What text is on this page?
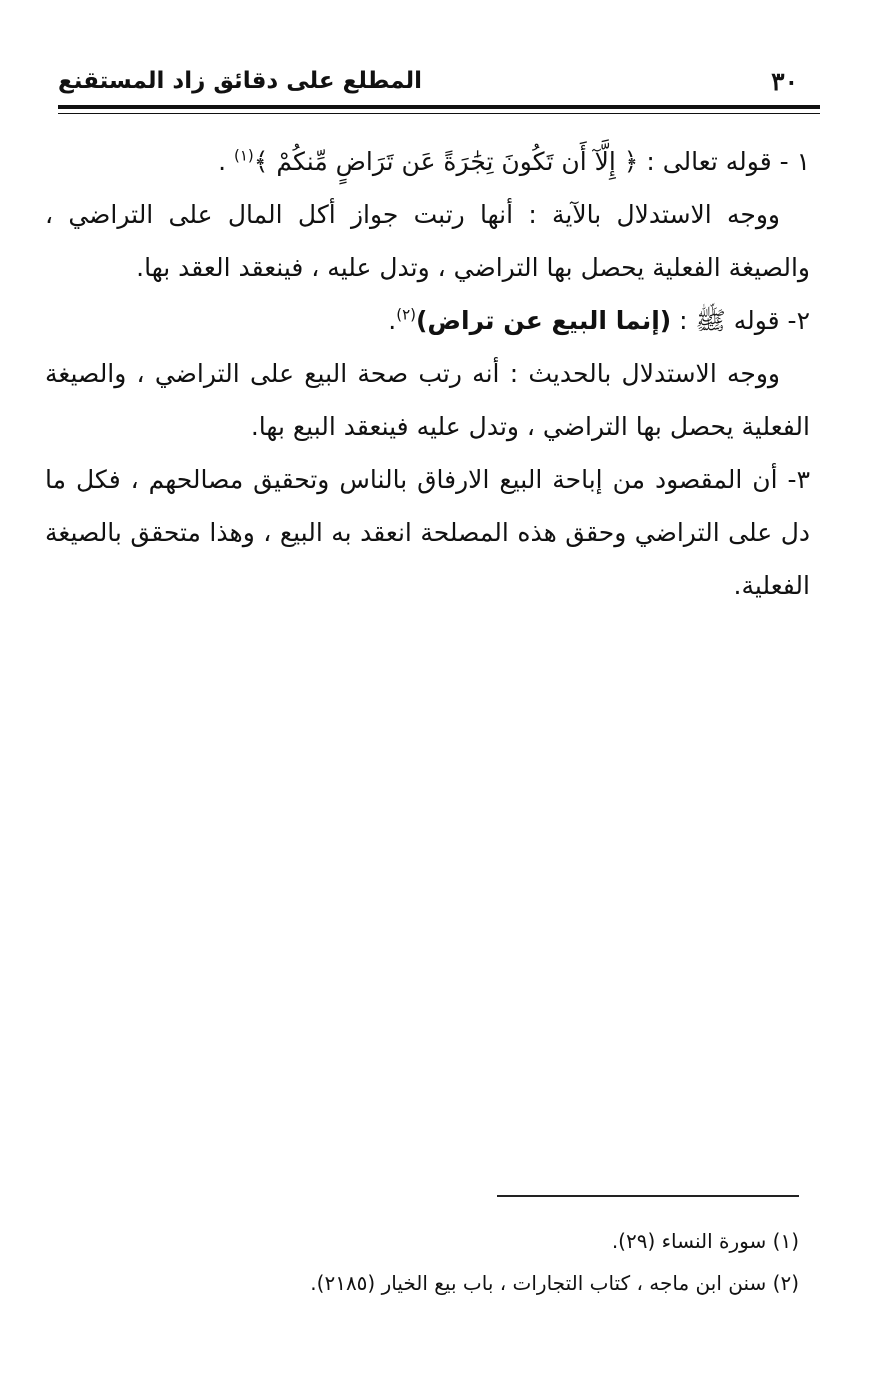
٣٠
المطلع على دقائق زاد المستقنع

١ - قوله تعالى : ﴿ إِلَّآ أَن تَكُونَ تِجَٰرَةً عَن تَرَاضٍ مِّنكُمْ ﴾$^{(١)}$ .

ووجه الاستدلال بالآية : أنها رتبت جواز أكل المال على التراضي ، والصيغة الفعلية يحصل بها التراضي ، وتدل عليه ، فينعقد العقد بها.

٢- قوله ﷺ : (إنما البيع عن تراض)$^{(٢)}$.

ووجه الاستدلال بالحديث : أنه رتب صحة البيع على التراضي ، والصيغة الفعلية يحصل بها التراضي ، وتدل عليه فينعقد البيع بها.

٣- أن المقصود من إباحة البيع الارفاق بالناس وتحقيق مصالحهم ، فكل ما دل على التراضي وحقق هذه المصلحة انعقد به البيع ، وهذا متحقق بالصيغة الفعلية.

(١) سورة النساء (٢٩).

(٢) سنن ابن ماجه ، كتاب التجارات ، باب بيع الخيار (٢١٨٥).
